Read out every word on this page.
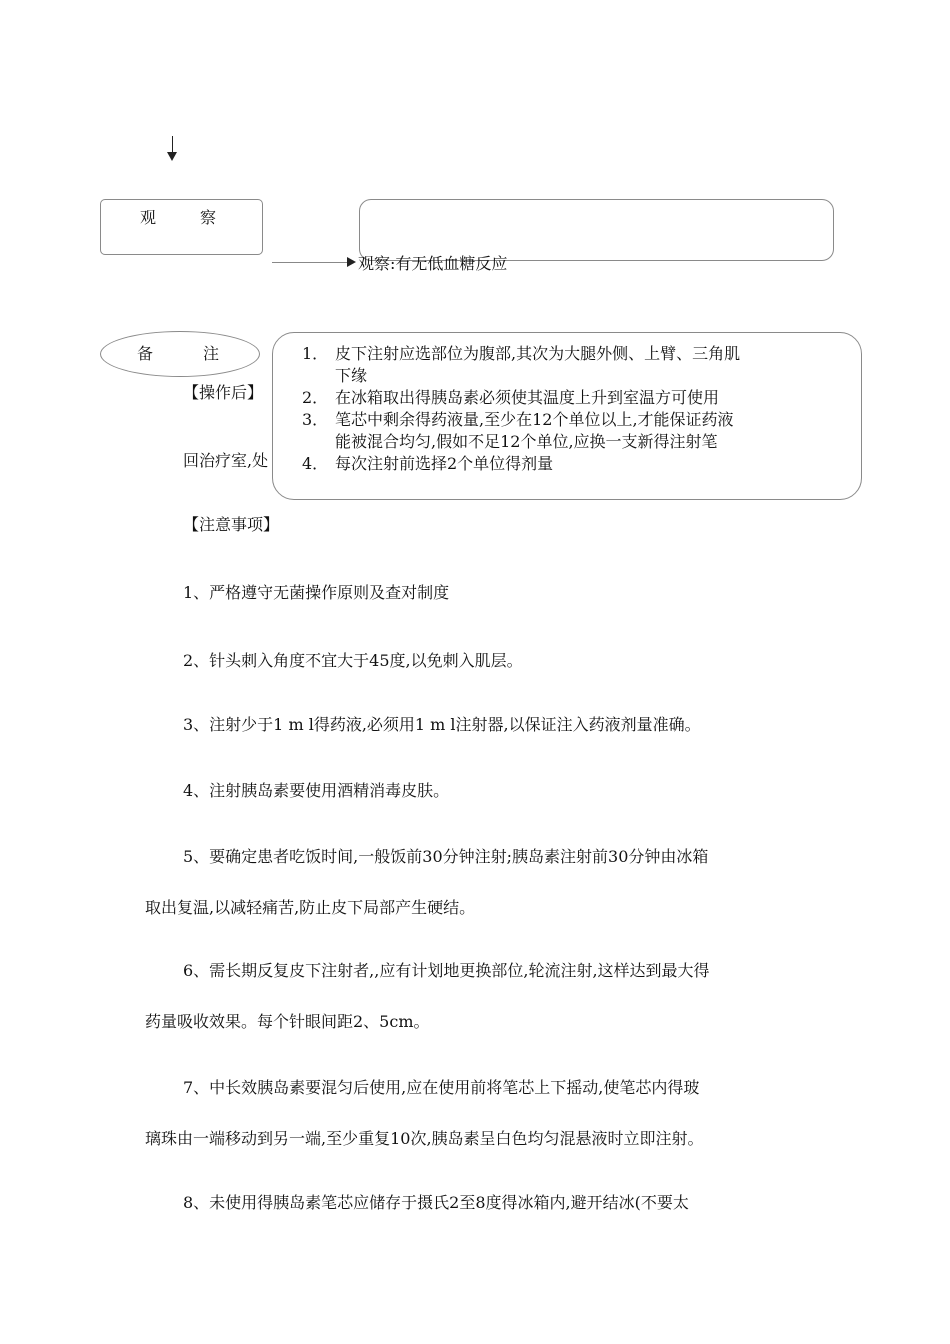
观察
观察:有无低血糖反应
【操作后】
回治疗室,处
备注 1． 皮下注射应选部位为腹部,其次为大腿外侧、上臂、三角肌
下缘
2． 在冰箱取出得胰岛素必须使其温度上升到室温方可使用
3． 笔芯中剩余得药液量,至少在12个单位以上,才能保证药液
能被混合均匀,假如不足12个单位,应换一支新得注射笔
4． 每次注射前选择2个单位得剂量
【注意事项】
1、严格遵守无菌操作原则及查对制度
2、针头刺入角度不宜大于45度,以免刺入肌层。
3、注射少于1 m l得药液,必须用1 m l注射器,以保证注入药液剂量准确。
4、注射胰岛素要使用酒精消毒皮肤。
5、要确定患者吃饭时间,一般饭前30分钟注射;胰岛素注射前30分钟由冰箱
取出复温,以减轻痛苦,防止皮下局部产生硬结。
6、需长期反复皮下注射者,,应有计划地更换部位,轮流注射,这样达到最大得
药量吸收效果。每个针眼间距2、5cm。
7、中长效胰岛素要混匀后使用,应在使用前将笔芯上下摇动,使笔芯内得玻
璃珠由一端移动到另一端,至少重复10次,胰岛素呈白色均匀混悬液时立即注射。
8、未使用得胰岛素笔芯应储存于摄氏2至8度得冰箱内,避开结冰(不要太
